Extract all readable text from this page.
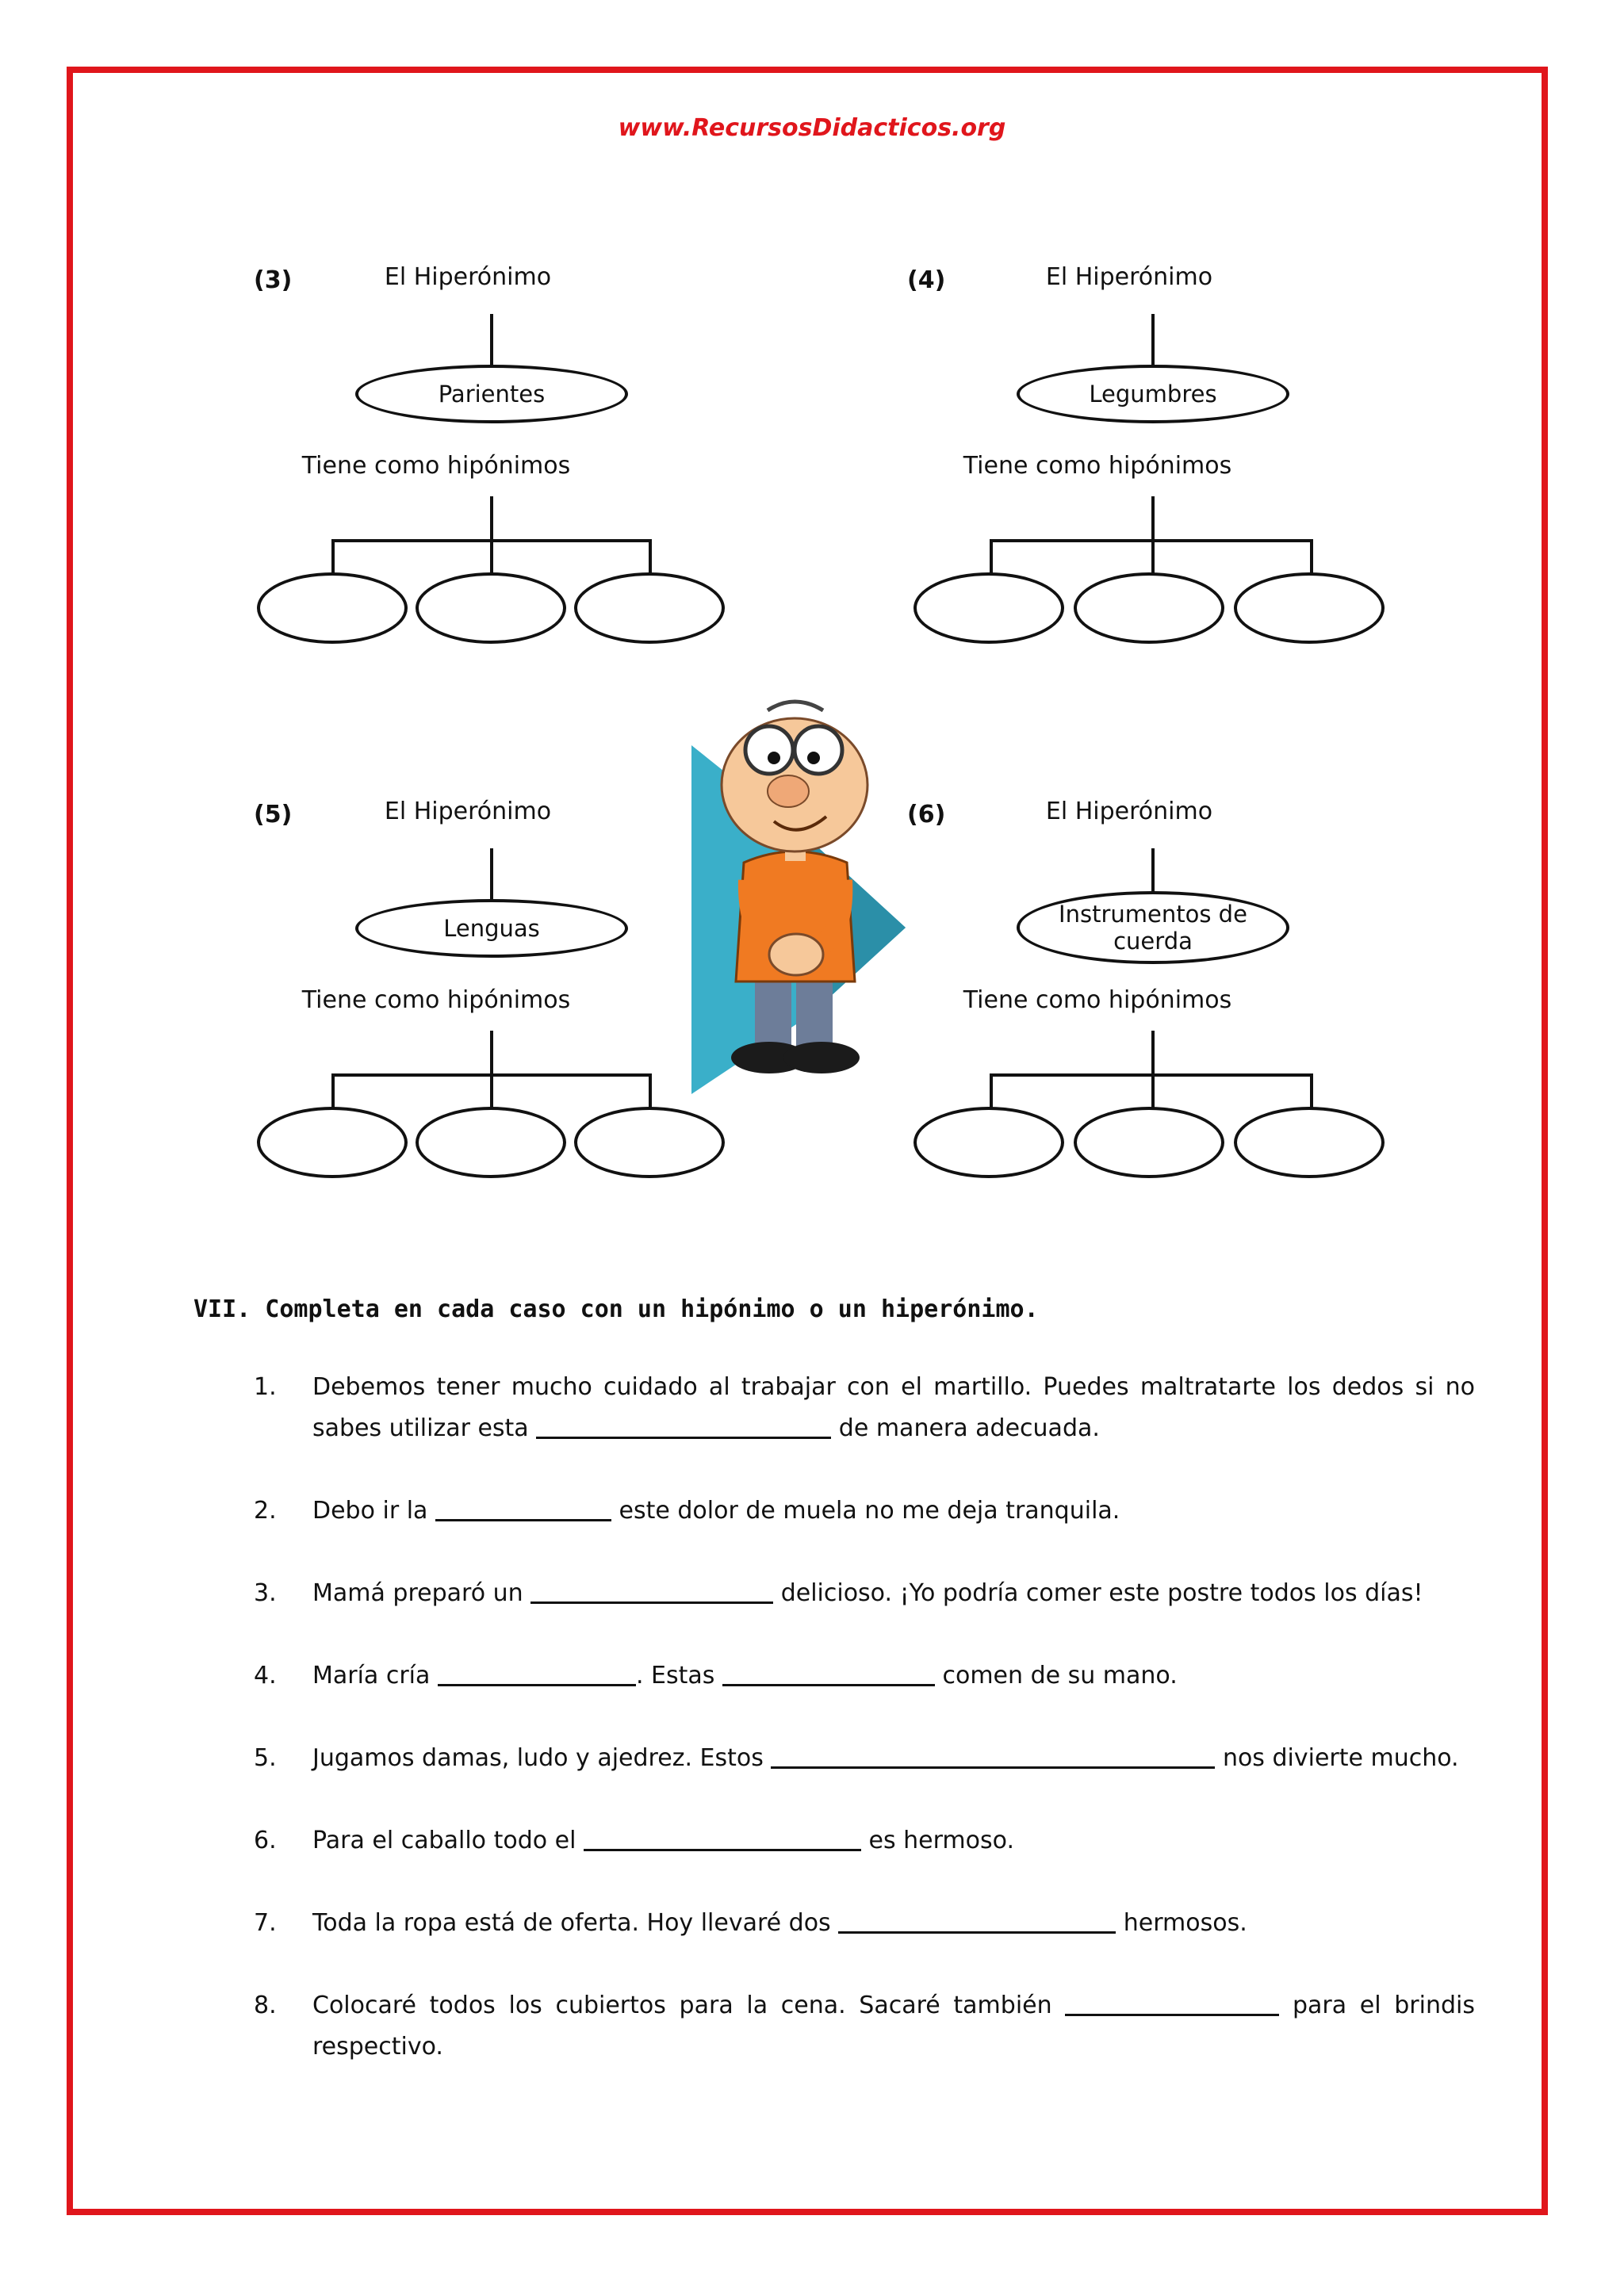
www.RecursosDidacticos.org
(3)	El Hiperónimo
Parientes
Tiene como hipónimos
(4)	El Hiperónimo
Legumbres
Tiene como hipónimos
(5)	El Hiperónimo
Lenguas
Tiene como hipónimos
(6)	El Hiperónimo
Instrumentos de cuerda
Tiene como hipónimos
VII. Completa en cada caso con un hipónimo o un hiperónimo.
1. Debemos tener mucho cuidado al trabajar con el martillo. Puedes maltratarte los dedos si no sabes utilizar esta	de manera adecuada.
2. Debo ir la	este dolor de muela no me deja tranquila.
3. Mamá preparó un	delicioso. ¡Yo podría comer este postre todos los días!
4. María cría	. Estas	comen de su mano.
5. Jugamos damas, ludo y ajedrez. Estos	nos divierte mucho.
6. Para el caballo todo el	es hermoso.
7. Toda la ropa está de oferta. Hoy llevaré dos	hermosos.
8. Colocaré todos los cubiertos para la cena. Sacaré también	para el brindis respectivo.
